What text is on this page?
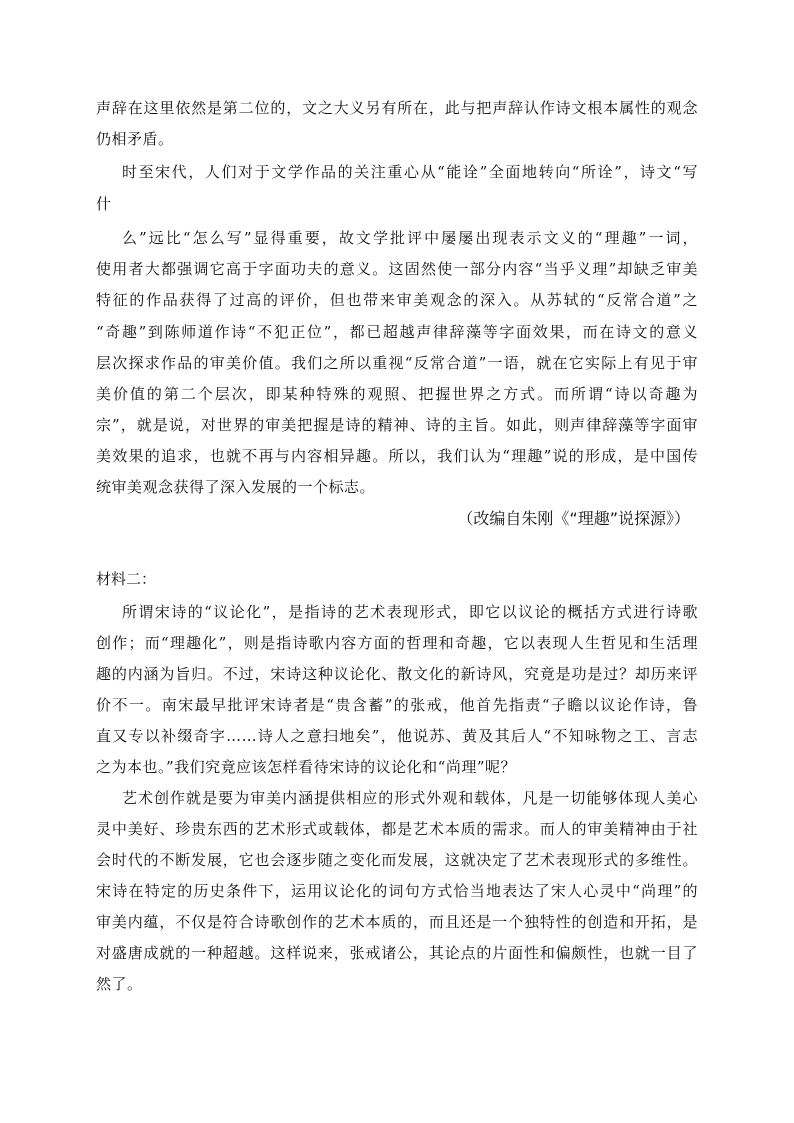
声辞在这里依然是第二位的，文之大义另有所在，此与把声辞认作诗文根本属性的观念
仍相矛盾。
时至宋代，人们对于文学作品的关注重心从“能诠”全面地转向“所诠”，诗文“写
什
么”远比“怎么写”显得重要，故文学批评中屡屡出现表示文义的“理趣”一词，
使用者大都强调它高于字面功夫的意义。这固然使一部分内容“当乎义理”却缺乏审美
特征的作品获得了过高的评价，但也带来审美观念的深入。从苏轼的“反常合道”之
“奇趣”到陈师道作诗“不犯正位”，都已超越声律辞藻等字面效果，而在诗文的意义
层次探求作品的审美价值。我们之所以重视“反常合道”一语，就在它实际上有见于审
美价值的第二个层次，即某种特殊的观照、把握世界之方式。而所谓“诗以奇趣为
宗”，就是说，对世界的审美把握是诗的精神、诗的主旨。如此，则声律辞藻等字面审
美效果的追求，也就不再与内容相异趣。所以，我们认为“理趣”说的形成，是中国传
统审美观念获得了深入发展的一个标志。
（改编自朱刚《“理趣”说探源》）
材料二：
所谓宋诗的“议论化”，是指诗的艺术表现形式，即它以议论的概括方式进行诗歌
创作；而“理趣化”，则是指诗歌内容方面的哲理和奇趣，它以表现人生哲见和生活理
趣的内涵为旨归。不过，宋诗这种议论化、散文化的新诗风，究竟是功是过？却历来评
价不一。南宋最早批评宋诗者是“贵含蓄”的张戒，他首先指责“子瞻以议论作诗，鲁
直又专以补缀奇字……诗人之意扫地矣”，他说苏、黄及其后人“不知咏物之工、言志
之为本也。”我们究竟应该怎样看待宋诗的议论化和“尚理”呢？
艺术创作就是要为审美内涵提供相应的形式外观和载体，凡是一切能够体现人美心
灵中美好、珍贵东西的艺术形式或载体，都是艺术本质的需求。而人的审美精神由于社
会时代的不断发展，它也会逐步随之变化而发展，这就决定了艺术表现形式的多维性。
宋诗在特定的历史条件下，运用议论化的词句方式恰当地表达了宋人心灵中“尚理”的
审美内蕴，不仅是符合诗歌创作的艺术本质的，而且还是一个独特性的创造和开拓，是
对盛唐成就的一种超越。这样说来，张戒诸公，其论点的片面性和偏颇性，也就一目了
然了。
